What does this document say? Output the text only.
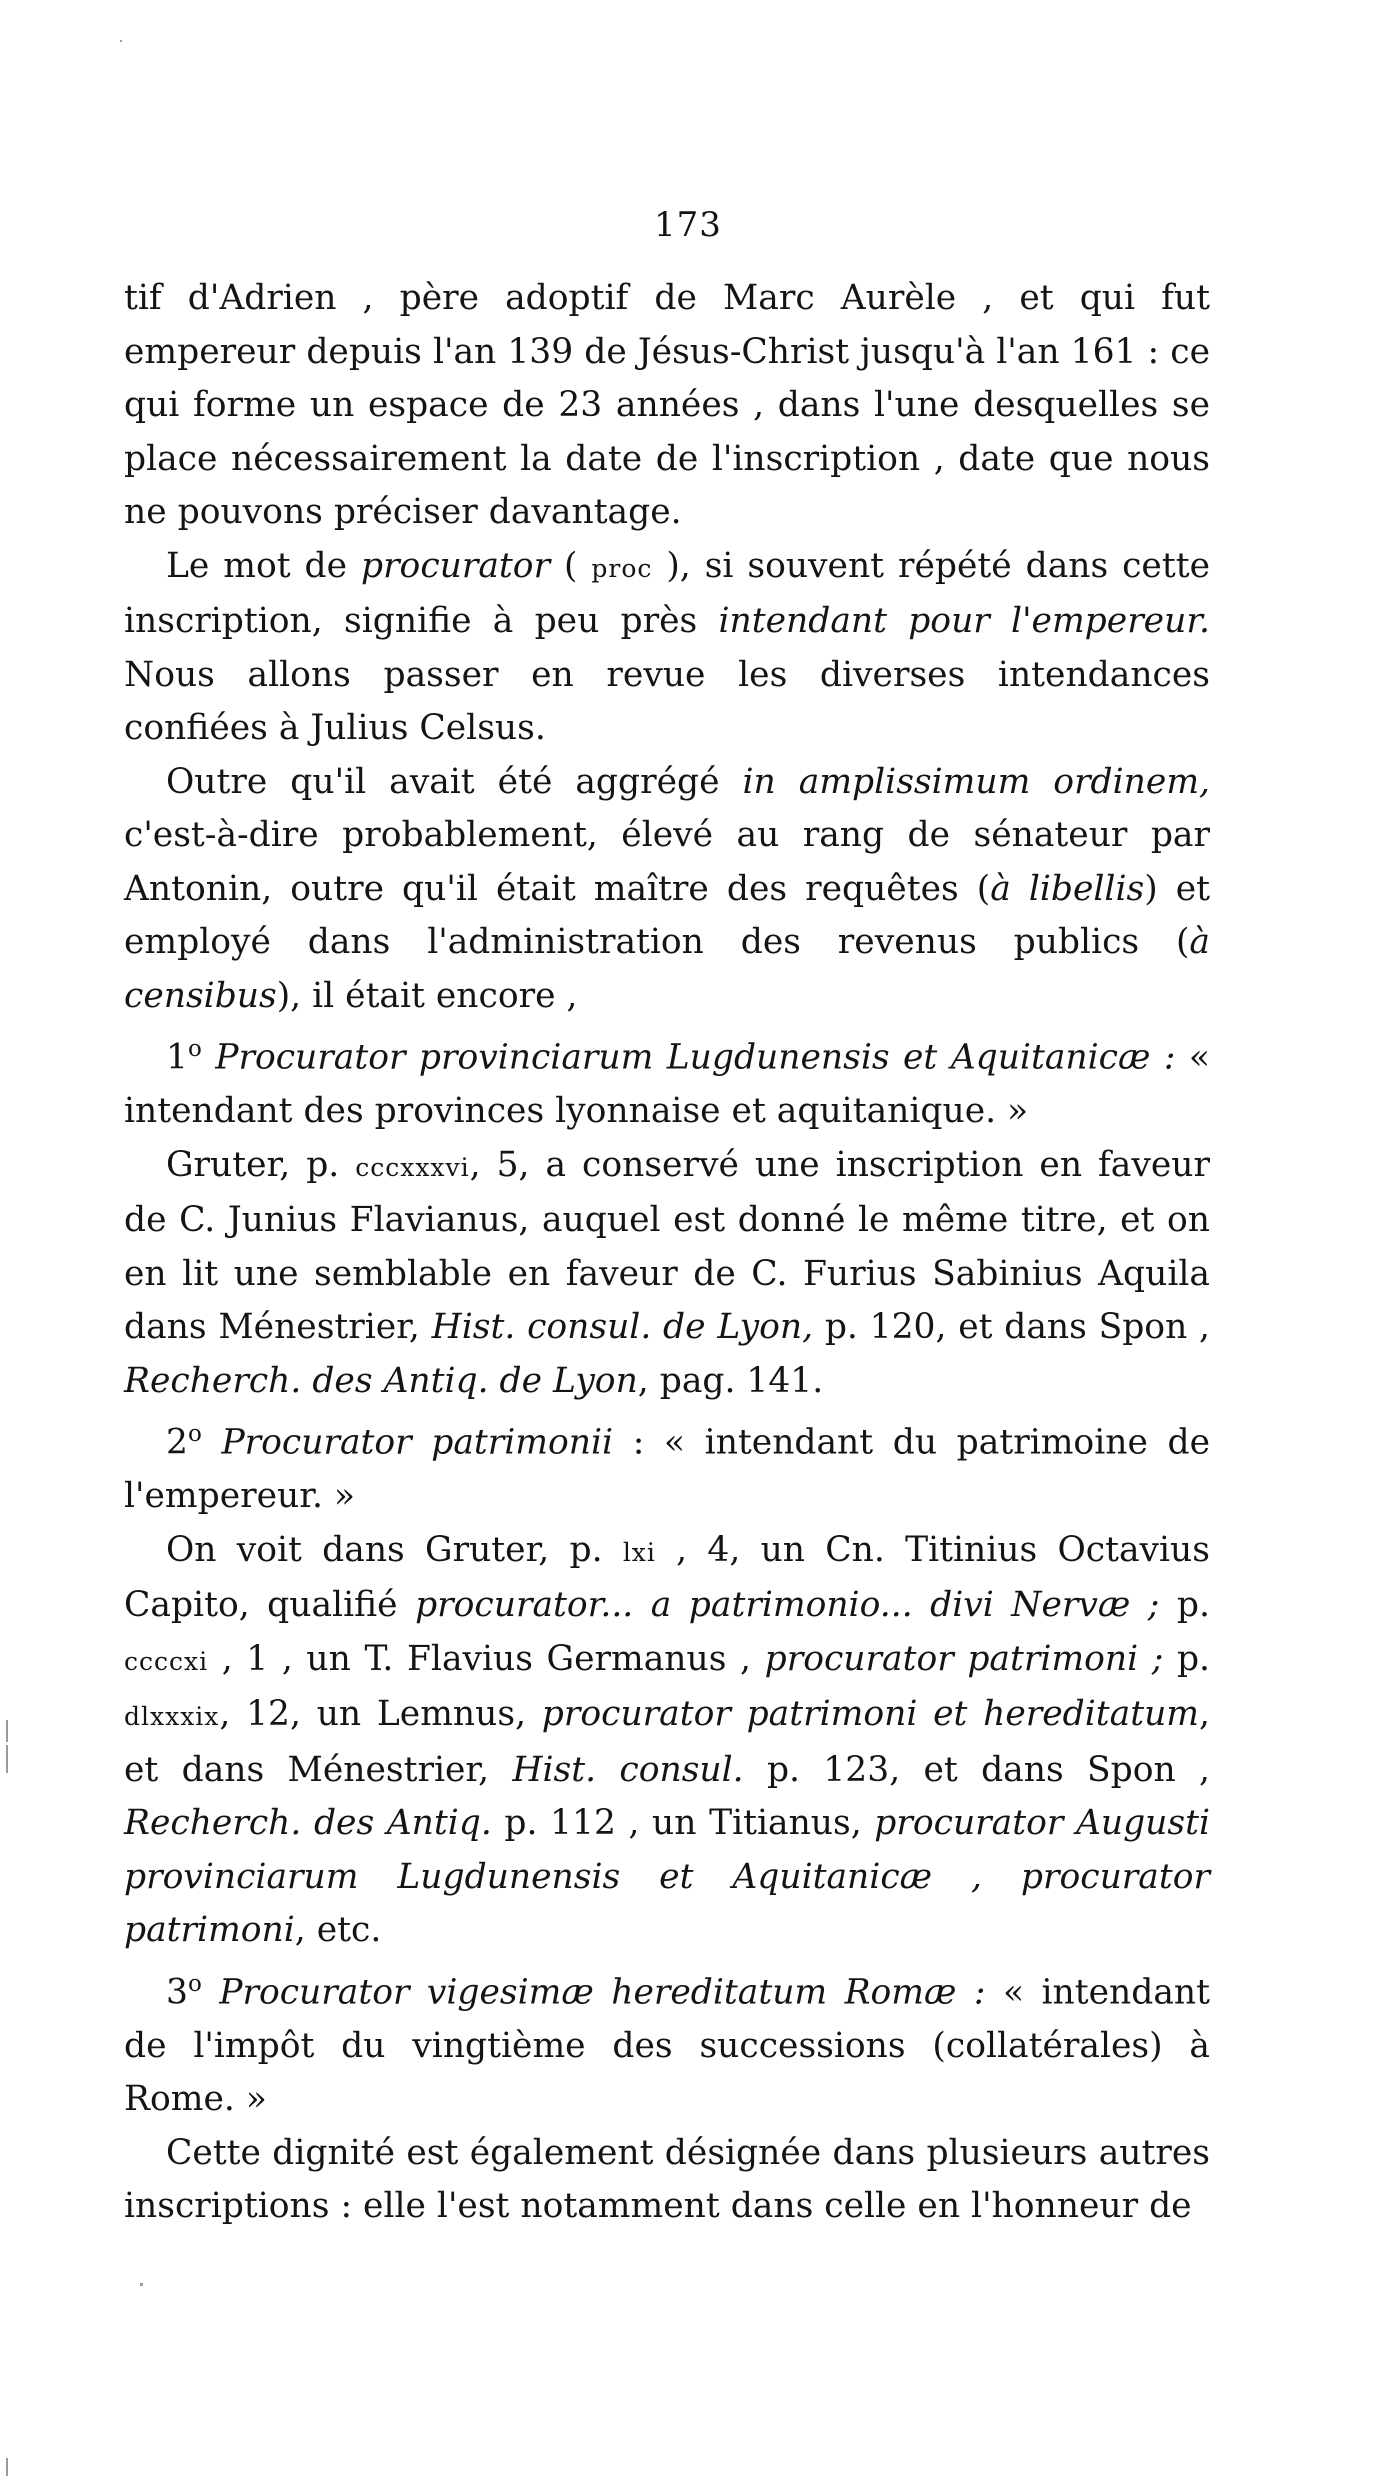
173

tif d'Adrien , père adoptif de Marc Aurèle , et qui fut empereur depuis l'an 139 de Jésus-Christ jusqu'à l'an 161 : ce qui forme un espace de 23 années , dans l'une desquelles se place nécessairement la date de l'inscription , date que nous ne pouvons préciser davantage.

Le mot de procurator ( proc ), si souvent répété dans cette inscription, signifie à peu près intendant pour l'empereur. Nous allons passer en revue les diverses intendances confiées à Julius Celsus.

Outre qu'il avait été aggrégé in amplissimum ordinem, c'est-à-dire probablement, élevé au rang de sénateur par Antonin, outre qu'il était maître des requêtes (à libellis) et employé dans l'administration des revenus publics (à censibus), il était encore ,

1$^o$ Procurator provinciarum Lugdunensis et Aquitanicæ : « intendant des provinces lyonnaise et aquitanique. »

Gruter, p. cccxxxvi, 5, a conservé une inscription en faveur de C. Junius Flavianus, auquel est donné le même titre, et on en lit une semblable en faveur de C. Furius Sabinius Aquila dans Ménestrier, Hist. consul. de Lyon, p. 120, et dans Spon , Recherch. des Antiq. de Lyon, pag. 141.

2$^o$ Procurator patrimonii : « intendant du patrimoine de l'empereur. »

On voit dans Gruter, p. lxi , 4, un Cn. Titinius Octavius Capito, qualifié procurator... a patrimonio... divi Nervæ ; p. ccccxi , 1 , un T. Flavius Germanus , procurator patrimoni ; p. dlxxxix, 12, un Lemnus, procurator patrimoni et hereditatum, et dans Ménestrier, Hist. consul. p. 123, et dans Spon , Recherch. des Antiq. p. 112 , un Titianus, procurator Augusti provinciarum Lugdunensis et Aquitanicæ , procurator patrimoni, etc.

3$^o$ Procurator vigesimæ hereditatum Romæ : « intendant de l'impôt du vingtième des successions (collatérales) à Rome. »

Cette dignité est également désignée dans plusieurs autres inscriptions : elle l'est notamment dans celle en l'honneur de
